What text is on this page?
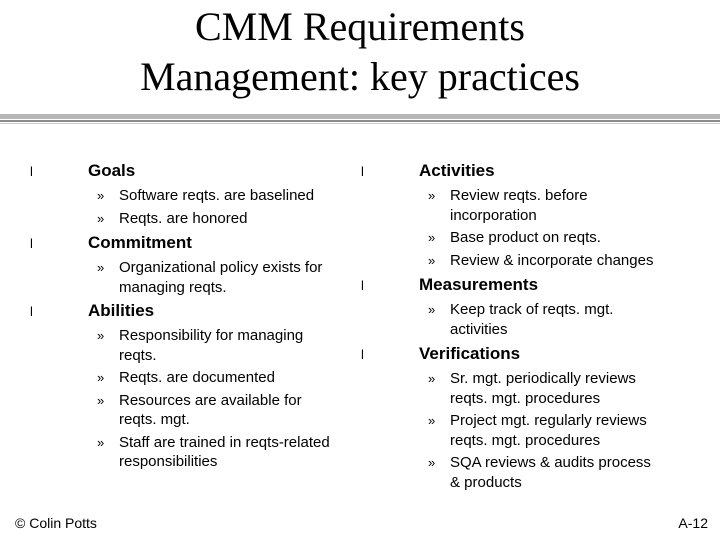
CMM Requirements
Management: key practices
l	Goals
» Software reqts. are baselined
» Reqts. are honored
l	Commitment
» Organizational policy exists for
managing reqts.
l	Abilities
» Responsibility for managing
reqts.
» Reqts. are documented
» Resources are available for
reqts. mgt.
» Staff are trained in reqts-related
responsibilities
l	Activities
» Review reqts. before
incorporation
» Base product on reqts.
» Review & incorporate changes
l	Measurements
» Keep track of reqts. mgt.
activities
l	Verifications
» Sr. mgt. periodically reviews
reqts. mgt. procedures
» Project mgt. regularly reviews
reqts. mgt. procedures
» SQA reviews & audits process
& products
© Colin Potts	A-12
